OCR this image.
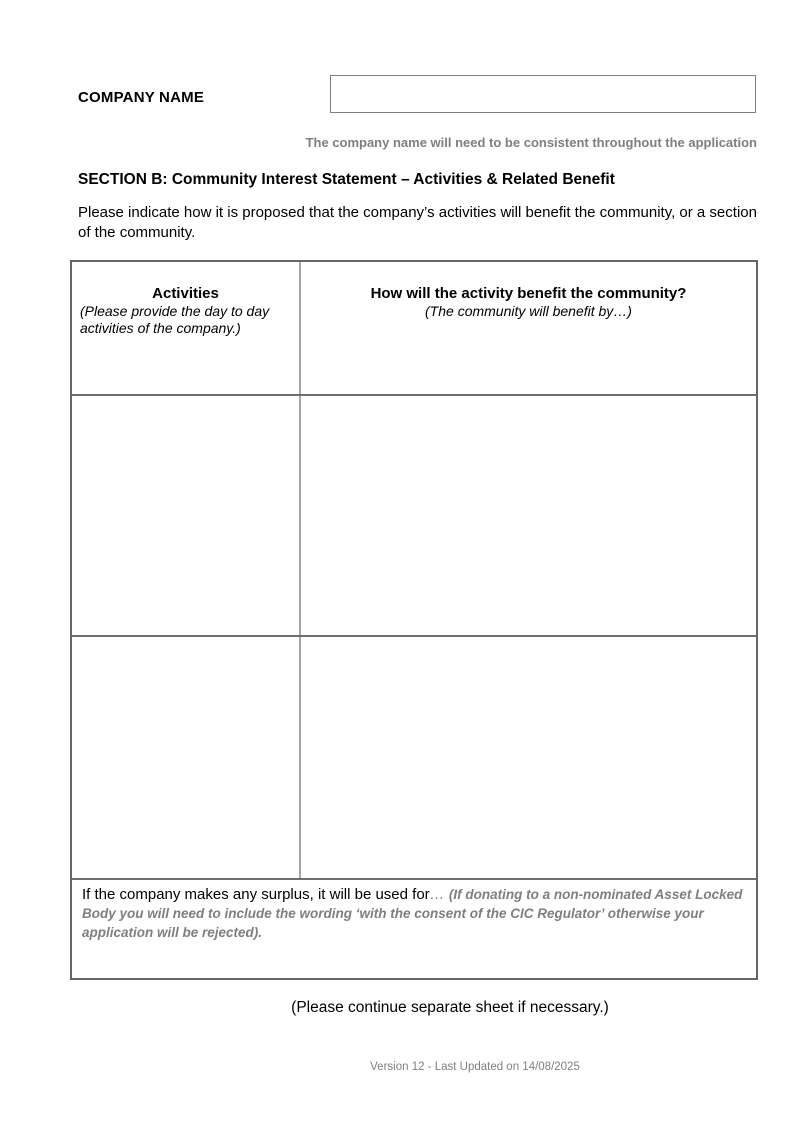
COMPANY NAME
The company name will need to be consistent throughout the application
SECTION B: Community Interest Statement – Activities & Related Benefit
Please indicate how it is proposed that the company’s activities will benefit the community, or a section of the community.
Activities
(Please provide the day to day activities of the company.)
How will the activity benefit the community?
(The community will benefit by…)
If the company makes any surplus, it will be used for… (If donating to a non-nominated Asset Locked Body you will need to include the wording ‘with the consent of the CIC Regulator’ otherwise your application will be rejected).
(Please continue separate sheet if necessary.)
Version 12 - Last Updated on 14/08/2025
